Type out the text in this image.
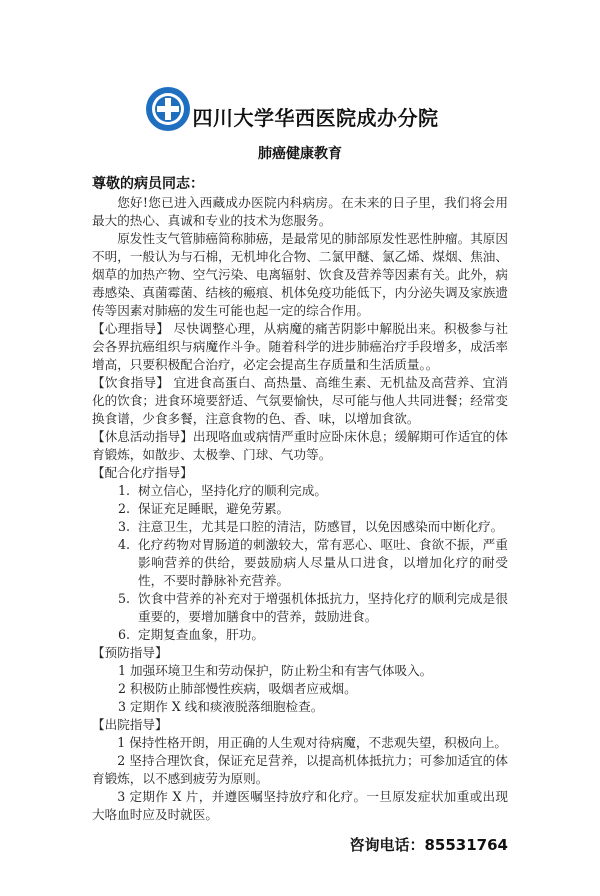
四川大学华西医院成办分院
肺癌健康教育
尊敬的病员同志：

您好!您已进入西藏成办医院内科病房。在未来的日子里，我们将会用最大的热心、真诚和专业的技术为您服务。

原发性支气管肺癌简称肺癌，是最常见的肺部原发性恶性肿瘤。其原因不明，一般认为与石棉，无机坤化合物、二氯甲醚、氯乙烯、煤烟、焦油、烟草的加热产物、空气污染、电离辐射、饮食及营养等因素有关。此外，病毒感染、真菌霉菌、结核的瘢痕、机体免疫功能低下，内分泌失调及家族遗传等因素对肺癌的发生可能也起一定的综合作用。

【心理指导】 尽快调整心理，从病魔的痛苦阴影中解脱出来。积极参与社会各界抗癌组织与病魔作斗争。随着科学的进步肺癌治疗手段增多，成活率增高，只要积极配合治疗，必定会提高生存质量和生活质量。。

【饮食指导】 宜进食高蛋白、高热量、高维生素、无机盐及高营养、宜消化的饮食；进食环境要舒适、气氛要愉快，尽可能与他人共同进餐；经常变换食谱，少食多餐，注意食物的色、香、味，以增加食欲。

【休息活动指导】出现咯血或病情严重时应卧床休息；缓解期可作适宜的体育锻炼，如散步、太极拳、门球、气功等。

【配合化疗指导】

1. 树立信心，坚持化疗的顺利完成。
2. 保证充足睡眠，避免劳累。
3. 注意卫生，尤其是口腔的清洁，防感冒，以免因感染而中断化疗。
4. 化疗药物对胃肠道的刺激较大，常有恶心、呕吐、食欲不振，严重影响营养的供给，要鼓励病人尽量从口进食，以增加化疗的耐受性，不要时静脉补充营养。
5. 饮食中营养的补充对于增强机体抵抗力，坚持化疗的顺利完成是很重要的，要增加膳食中的营养，鼓励进食。
6. 定期复查血象，肝功。

【预防指导】

1 加强环境卫生和劳动保护，防止粉尘和有害气体吸入。

2 积极防止肺部慢性疾病，吸烟者应戒烟。

3 定期作 X 线和痰液脱落细胞检查。

【出院指导】

1 保持性格开朗，用正确的人生观对待病魔，不悲观失望，积极向上。

2 坚持合理饮食，保证充足营养，以提高机体抵抗力；可参加适宜的体育锻炼，以不感到疲劳为原则。

3 定期作 X 片，并遵医嘱坚持放疗和化疗。一旦原发症状加重或出现大咯血时应及时就医。

咨询电话：85531764
